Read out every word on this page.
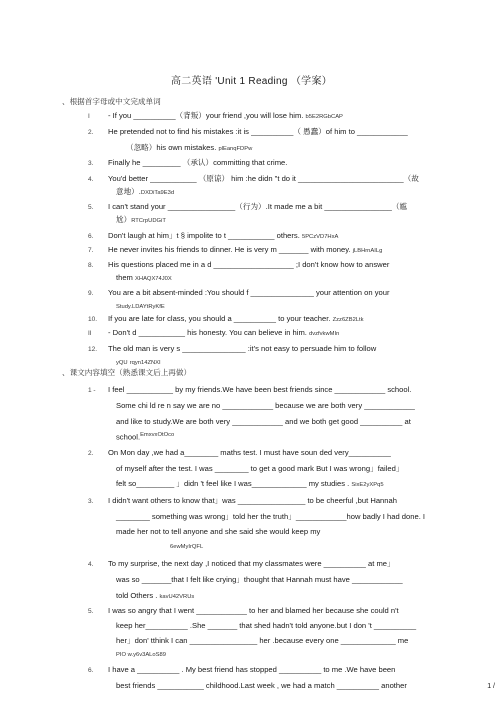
高二英语 'Unit 1 Reading （学案）
、根据首字母或中文完成单词
I - If you __________（背叛）your friend ,you will lose him. b5E2RGbCAP
2. He pretended not to find his mistakes :it is __________（ 愚蠢）of him to ____________
（忽略）his own mistakes. plEanqFDPw
3. Finally he _________ （承认）committing that crime.
4. You'd better ___________ （原谅） him :he didn "t do it _________________________（故
意地）.DXDiTa9E3d
5. I can't stand your ________________（行为）.It made me a bit ________________（尴
尬）RTCrpUDGiT
6. Don't laugh at him」t § impolite to t ___________ others. 5PCzVD7HxA
7. He never invites his friends to dinner. He is very m _______ with money. jLBHrnAILg
8. His questions placed me in a d ___________________ ;I don't know how to answer
them XHAQX74J0X
9. You are a bit absent-minded :You should f _______________ your attention on your
Study.LDAYtRyKfE
10. If you are late for class, you should a __________ to your teacher. Zzz6ZB2Ltk
II - Don't d ___________ his honesty. You can believe in him. dvzfvkwMIn
12. The old man is very s _______________ :it's not easy to persuade him to follow
yQU rqyn14ZNXI
、课文内容填空（熟悉课文后上再做）
1 - I feel ___________ by my friends.We have been best friends since ____________ school.
Some chi ld re n say we are no ____________ because we are both very ____________
and like to study.We are both very ____________ and we both get good __________ at
school.$^{EmxvxOtOco}$
2. On Mon day ,we had a________ maths test. I must have soun ded very__________
of myself after the test. I was ________ to get a good mark But I was wrong」failed」
felt so_________ 」didn 't feel like I was_____________ my studies . SixE2yXPq5
3. I didn't want others to know that」was ________________ to be cheerful ,but Hannah
________ something was wrong」told her the truth」____________how badly I had done. I
made her not to tell anyone and she said she would keep my
6ewMyIrQFL
4. To my surprise, the next day ,I noticed that my classmates were __________ at me」
was so _______that I felt like crying」thought that Hannah must have ____________
told Others . kavU42VRUs
5. I was so angry that I went ____________ to her and blamed her because she could n't
keep her__________ .She _______ that shed hadn't told anyone.but I don 't __________
her」don' tthink I can ________________ her .because every one _____________ me
PIO w.y6v3ALoS89
6. I have a __________ . My best friend has stopped __________ to me .We have been
best friends ___________ childhood.Last week , we had a match __________ another	1 /
